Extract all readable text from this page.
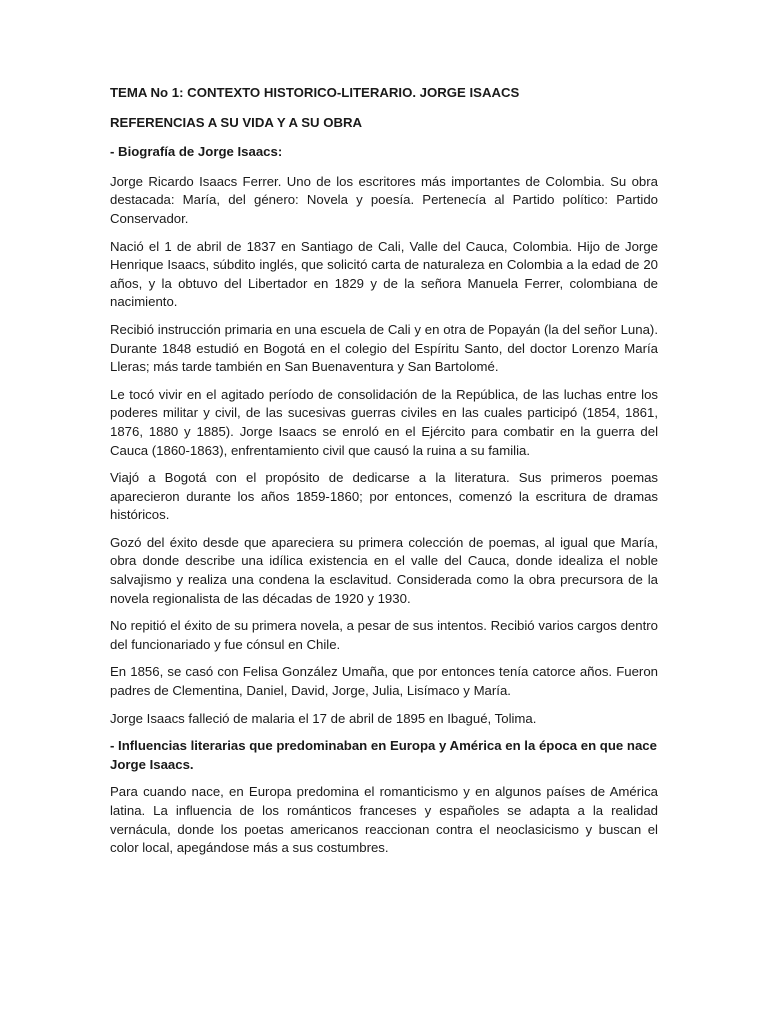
TEMA No 1: CONTEXTO HISTORICO-LITERARIO. JORGE ISAACS

REFERENCIAS A SU VIDA Y A SU OBRA

- Biografía de Jorge Isaacs:

Jorge Ricardo Isaacs Ferrer. Uno de los escritores más importantes de Colombia. Su obra destacada: María, del género: Novela y poesía. Pertenecía al Partido político: Partido Conservador.

Nació el 1 de abril de 1837 en Santiago de Cali, Valle del Cauca, Colombia. Hijo de Jorge Henrique Isaacs, súbdito inglés, que solicitó carta de naturaleza en Colombia a la edad de 20 años, y la obtuvo del Libertador en 1829 y de la señora Manuela Ferrer, colombiana de nacimiento.

Recibió instrucción primaria en una escuela de Cali y en otra de Popayán (la del señor Luna). Durante 1848 estudió en Bogotá en el colegio del Espíritu Santo, del doctor Lorenzo María Lleras; más tarde también en San Buenaventura y San Bartolomé.

Le tocó vivir en el agitado período de consolidación de la República, de las luchas entre los poderes militar y civil, de las sucesivas guerras civiles en las cuales participó (1854, 1861, 1876, 1880 y 1885). Jorge Isaacs se enroló en el Ejército para combatir en la guerra del Cauca (1860-1863), enfrentamiento civil que causó la ruina a su familia.

Viajó a Bogotá con el propósito de dedicarse a la literatura. Sus primeros poemas aparecieron durante los años 1859-1860; por entonces, comenzó la escritura de dramas históricos.

Gozó del éxito desde que apareciera su primera colección de poemas, al igual que María, obra donde describe una idílica existencia en el valle del Cauca, donde idealiza el noble salvajismo y realiza una condena la esclavitud. Considerada como la obra precursora de la novela regionalista de las décadas de 1920 y 1930.

No repitió el éxito de su primera novela, a pesar de sus intentos. Recibió varios cargos dentro del funcionariado y fue cónsul en Chile.

En 1856, se casó con Felisa González Umaña, que por entonces tenía catorce años. Fueron padres de Clementina, Daniel, David, Jorge, Julia, Lisímaco y María.

Jorge Isaacs falleció de malaria el 17 de abril de 1895 en Ibagué, Tolima.

- Influencias literarias que predominaban en Europa y América en la época en que nace Jorge Isaacs.

Para cuando nace, en Europa predomina el romanticismo y en algunos países de América latina. La influencia de los románticos franceses y españoles se adapta a la realidad vernácula, donde los poetas americanos reaccionan contra el neoclasicismo y buscan el color local, apegándose más a sus costumbres.
